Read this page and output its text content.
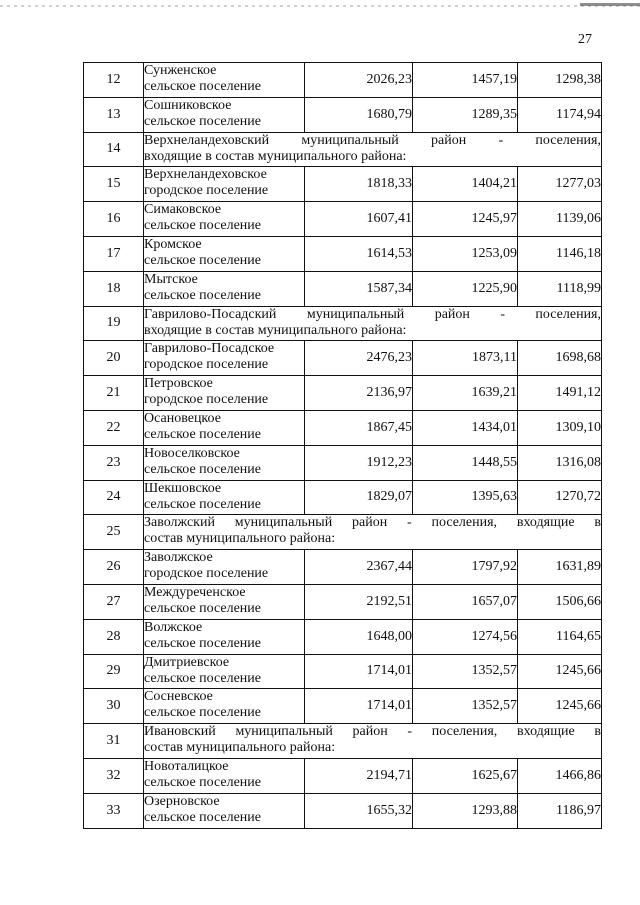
27
12	Сунженское
сельское поселение	2026,23	1457,19	1298,38
13	Сошниковское
сельское поселение	1680,79	1289,35	1174,94
14	Верхнеландеховский муниципальный район - поселения,
входящие в состав муниципального района:			

15	Верхнеландеховское
городское поселение	1818,33	1404,21	1277,03
16	Симаковское
сельское поселение	1607,41	1245,97	1139,06
17	Кромское
сельское поселение	1614,53	1253,09	1146,18
18	Мытское
сельское поселение	1587,34	1225,90	1118,99
19	Гаврилово-Посадский муниципальный район - поселения,
входящие в состав муниципального района:			

20	Гаврилово-Посадское
городское поселение	2476,23	1873,11	1698,68
21	Петровское
городское поселение	2136,97	1639,21	1491,12
22	Осановецкое
сельское поселение	1867,45	1434,01	1309,10
23	Новоселковское
сельское поселение	1912,23	1448,55	1316,08
24	Шекшовское
сельское поселение	1829,07	1395,63	1270,72
25	Заволжский муниципальный район - поселения, входящие в
состав муниципального района:			

26	Заволжское
городское поселение	2367,44	1797,92	1631,89
27	Междуреченское
сельское поселение	2192,51	1657,07	1506,66
28	Волжское
сельское поселение	1648,00	1274,56	1164,65
29	Дмитриевское
сельское поселение	1714,01	1352,57	1245,66
30	Сосневское
сельское поселение	1714,01	1352,57	1245,66
31	Ивановский муниципальный район - поселения, входящие в
состав муниципального района:			

32	Новоталицкое
сельское поселение	2194,71	1625,67	1466,86
33	Озерновское
сельское поселение	1655,32	1293,88	1186,97
